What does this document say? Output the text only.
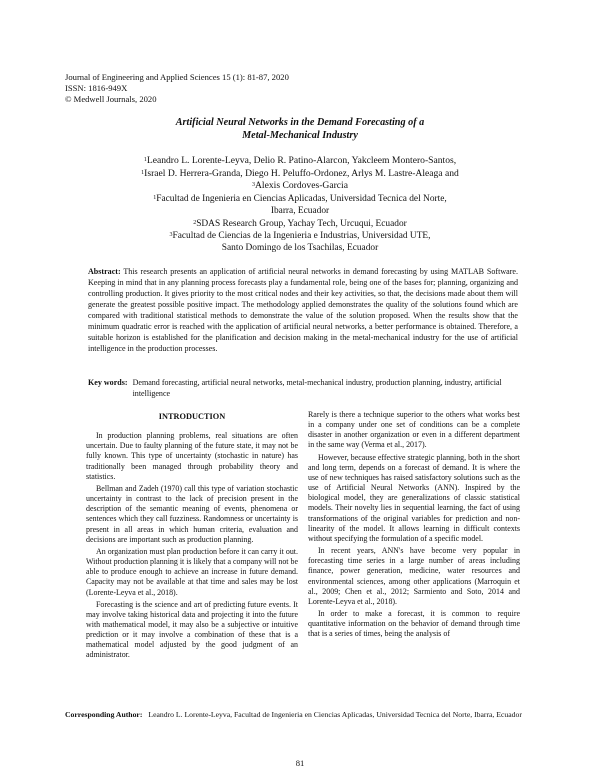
Journal of Engineering and Applied Sciences 15 (1): 81-87, 2020
ISSN: 1816-949X
© Medwell Journals, 2020
Artificial Neural Networks in the Demand Forecasting of a
Metal-Mechanical Industry
$^1$Leandro L. Lorente-Leyva, Delio R. Patino-Alarcon, Yakcleem Montero-Santos,
$^1$Israel D. Herrera-Granda, Diego H. Peluffo-Ordonez, Arlys M. Lastre-Aleaga and
$^3$Alexis Cordoves-Garcia
$^1$Facultad de Ingenieria en Ciencias Aplicadas, Universidad Tecnica del Norte,
Ibarra, Ecuador
$^2$SDAS Research Group, Yachay Tech, Urcuqui, Ecuador
$^3$Facultad de Ciencias de la Ingenieria e Industrias, Universidad UTE,
Santo Domingo de los Tsachilas, Ecuador
Abstract: This research presents an application of artificial neural networks in demand forecasting by using MATLAB Software. Keeping in mind that in any planning process forecasts play a fundamental role, being one of the bases for; planning, organizing and controlling production. It gives priority to the most critical nodes and their key activities, so that, the decisions made about them will generate the greatest possible positive impact. The methodology applied demonstrates the quality of the solutions found which are compared with traditional statistical methods to demonstrate the value of the solution proposed. When the results show that the minimum quadratic error is reached with the application of artificial neural networks, a better performance is obtained. Therefore, a suitable horizon is established for the planification and decision making in the metal-mechanical industry for the use of artificial intelligence in the production processes.
Key words: Demand forecasting, artificial neural networks, metal-mechanical industry, production planning, industry, artificial intelligence
INTRODUCTION

In production planning problems, real situations are often uncertain. Due to faulty planning of the future state, it may not be fully known. This type of uncertainty (stochastic in nature) has traditionally been managed through probability theory and statistics.

Bellman and Zadeh (1970) call this type of variation stochastic uncertainty in contrast to the lack of precision present in the description of the semantic meaning of events, phenomena or sentences which they call fuzziness. Randomness or uncertainty is present in all areas in which human criteria, evaluation and decisions are important such as production planning.

An organization must plan production before it can carry it out. Without production planning it is likely that a company will not be able to produce enough to achieve an increase in future demand. Capacity may not be available at that time and sales may be lost (Lorente-Leyva et al., 2018).

Forecasting is the science and art of predicting future events. It may involve taking historical data and projecting it into the future with mathematical model, it may also be a subjective or intuitive prediction or it may involve a combination of these that is a mathematical model adjusted by the good judgment of an administrator.

Rarely is there a technique superior to the others what works best in a company under one set of conditions can be a complete disaster in another organization or even in a different department in the same way (Verma et al., 2017).

However, because effective strategic planning, both in the short and long term, depends on a forecast of demand. It is where the use of new techniques has raised satisfactory solutions such as the use of Artificial Neural Networks (ANN). Inspired by the biological model, they are generalizations of classic statistical models. Their novelty lies in sequential learning, the fact of using transformations of the original variables for prediction and non-linearity of the model. It allows learning in difficult contexts without specifying the formulation of a specific model.

In recent years, ANN's have become very popular in forecasting time series in a large number of areas including finance, power generation, medicine, water resources and environmental sciences, among other applications (Marroquin et al., 2009; Chen et al., 2012; Sarmiento and Soto, 2014 and Lorente-Leyva et al., 2018).

In order to make a forecast, it is common to require quantitative information on the behavior of demand through time that is a series of times, being the analysis of

Corresponding Author: Leandro L. Lorente-Leyva, Facultad de Ingenieria en Ciencias Aplicadas, Universidad Tecnica del Norte, Ibarra, Ecuador
81
